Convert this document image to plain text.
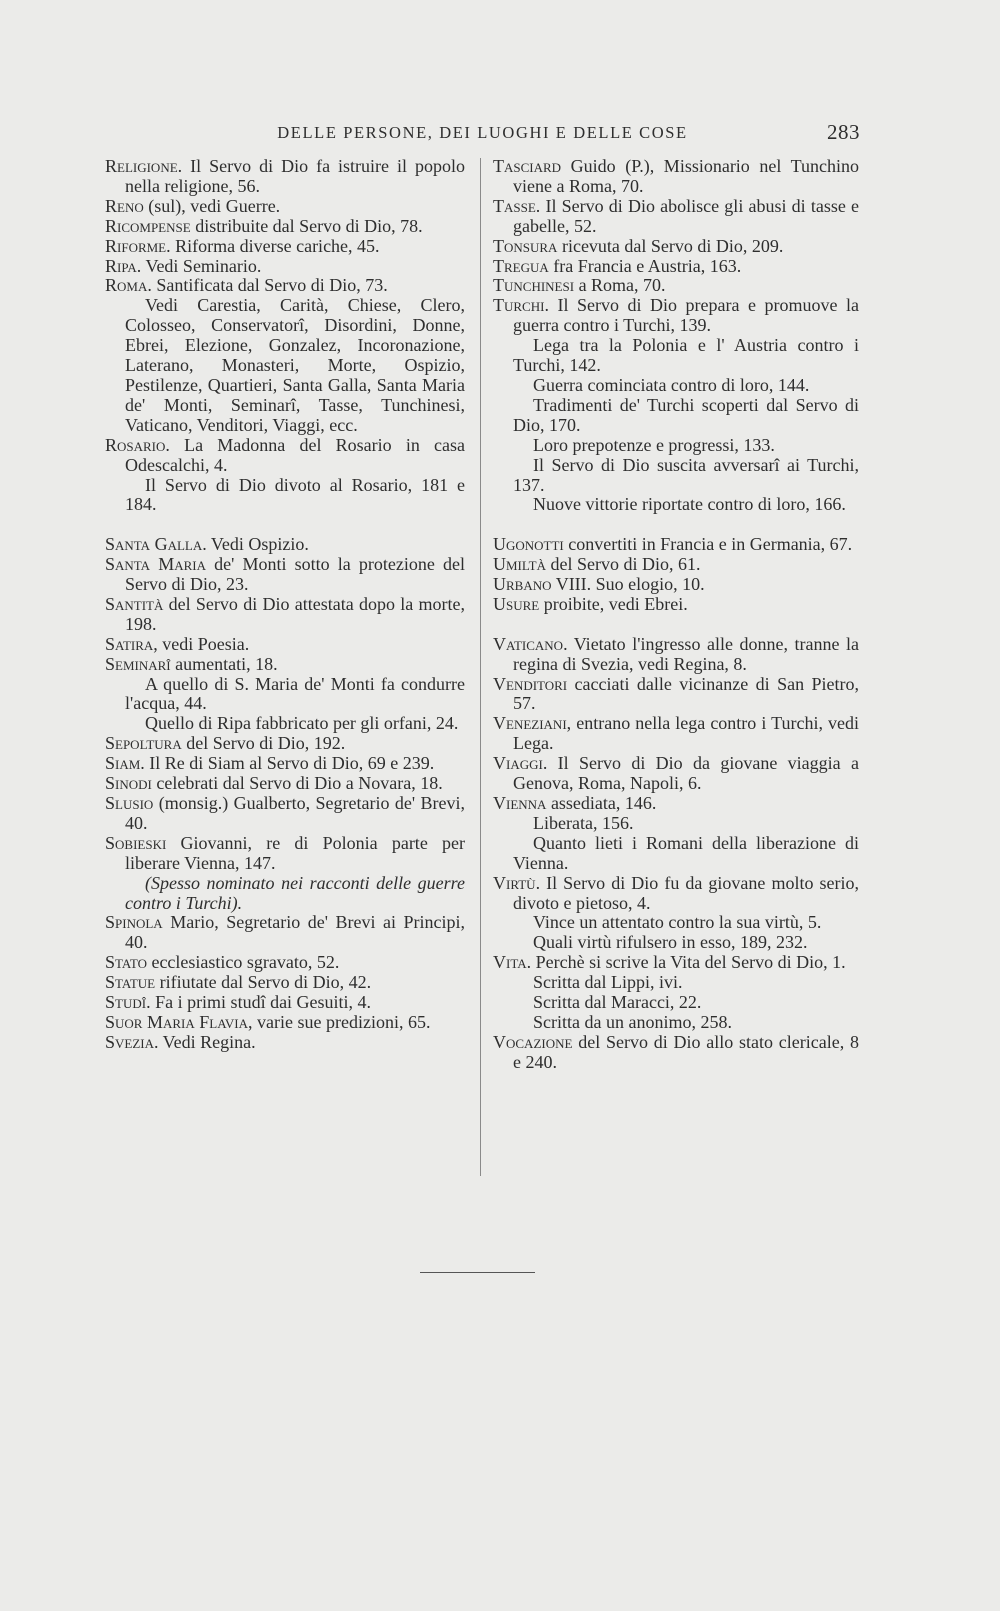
DELLE PERSONE, DEI LUOGHI E DELLE COSE	283
Religione. Il Servo di Dio fa istruire il popolo nella religione, 56.
Reno (sul), vedi Guerre.
Ricompense distribuite dal Servo di Dio, 78.
Riforme. Riforma diverse cariche, 45.
Ripa. Vedi Seminario.
Roma. Santificata dal Servo di Dio, 73.
Vedi Carestia, Carità, Chiese, Clero, Colosseo, Conservatorî, Disordini, Donne, Ebrei, Elezione, Gonzalez, Incoronazione, Laterano, Monasteri, Morte, Ospizio, Pestilenze, Quartieri, Santa Galla, Santa Maria de' Monti, Seminarî, Tasse, Tunchinesi, Vaticano, Venditori, Viaggi, ecc.
Rosario. La Madonna del Rosario in casa Odescalchi, 4.
Il Servo di Dio divoto al Rosario, 181 e 184.
Santa Galla. Vedi Ospizio.
Santa Maria de' Monti sotto la protezione del Servo di Dio, 23.
Santità del Servo di Dio attestata dopo la morte, 198.
Satira, vedi Poesia.
Seminarî aumentati, 18.
A quello di S. Maria de' Monti fa condurre l'acqua, 44.
Quello di Ripa fabbricato per gli orfani, 24.
Sepoltura del Servo di Dio, 192.
Siam. Il Re di Siam al Servo di Dio, 69 e 239.
Sinodi celebrati dal Servo di Dio a Novara, 18.
Slusio (monsig.) Gualberto, Segretario de' Brevi, 40.
Sobieski Giovanni, re di Polonia parte per liberare Vienna, 147.
(Spesso nominato nei racconti delle guerre contro i Turchi).
Spinola Mario, Segretario de' Brevi ai Principi, 40.
Stato ecclesiastico sgravato, 52.
Statue rifiutate dal Servo di Dio, 42.
Studî. Fa i primi studî dai Gesuiti, 4.
Suor Maria Flavia, varie sue predizioni, 65.
Svezia. Vedi Regina.
Tasciard Guido (P.), Missionario nel Tunchino viene a Roma, 70.
Tasse. Il Servo di Dio abolisce gli abusi di tasse e gabelle, 52.
Tonsura ricevuta dal Servo di Dio, 209.
Tregua fra Francia e Austria, 163.
Tunchinesi a Roma, 70.
Turchi. Il Servo di Dio prepara e promuove la guerra contro i Turchi, 139.
Lega tra la Polonia e l' Austria contro i Turchi, 142.
Guerra cominciata contro di loro, 144.
Tradimenti de' Turchi scoperti dal Servo di Dio, 170.
Loro prepotenze e progressi, 133.
Il Servo di Dio suscita avversarî ai Turchi, 137.
Nuove vittorie riportate contro di loro, 166.
Ugonotti convertiti in Francia e in Germania, 67.
Umiltà del Servo di Dio, 61.
Urbano VIII. Suo elogio, 10.
Usure proibite, vedi Ebrei.
Vaticano. Vietato l'ingresso alle donne, tranne la regina di Svezia, vedi Regina, 8.
Venditori cacciati dalle vicinanze di San Pietro, 57.
Veneziani, entrano nella lega contro i Turchi, vedi Lega.
Viaggi. Il Servo di Dio da giovane viaggia a Genova, Roma, Napoli, 6.
Vienna assediata, 146.
Liberata, 156.
Quanto lieti i Romani della liberazione di Vienna.
Virtù. Il Servo di Dio fu da giovane molto serio, divoto e pietoso, 4.
Vince un attentato contro la sua virtù, 5.
Quali virtù rifulsero in esso, 189, 232.
Vita. Perchè si scrive la Vita del Servo di Dio, 1.
Scritta dal Lippi, ivi.
Scritta dal Maracci, 22.
Scritta da un anonimo, 258.
Vocazione del Servo di Dio allo stato clericale, 8 e 240.
